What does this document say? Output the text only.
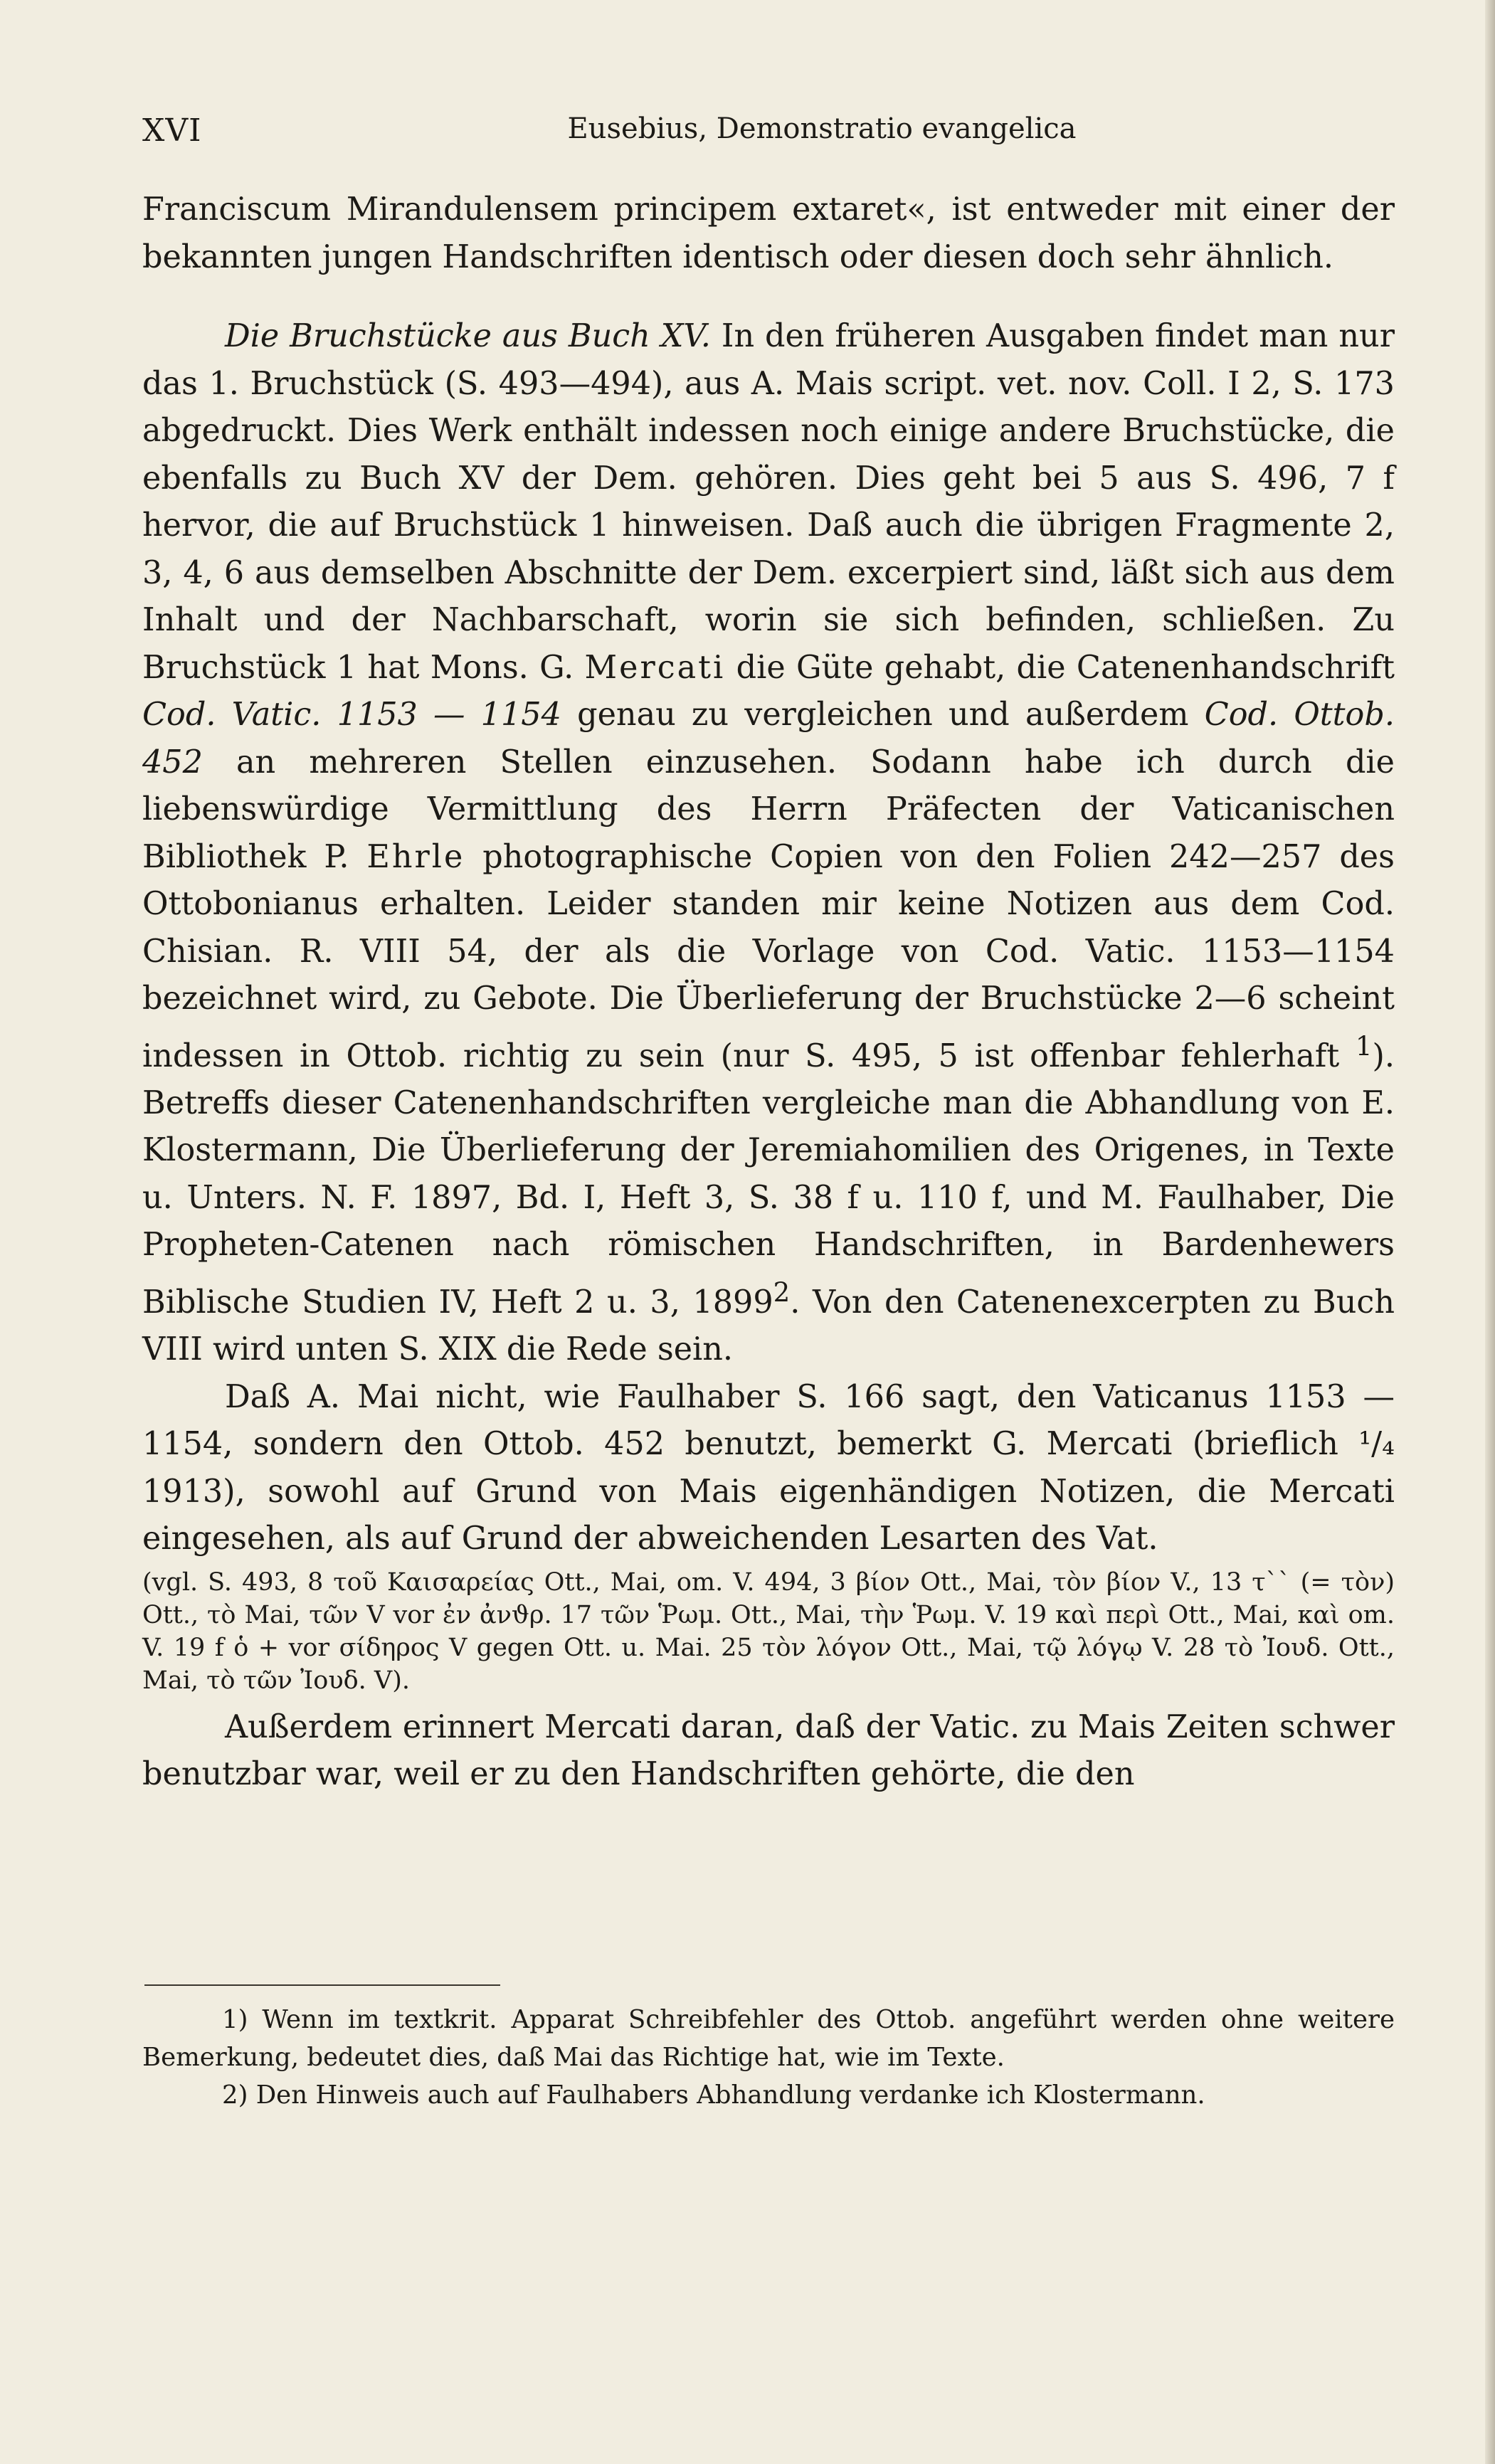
XVI	Eusebius, Demonstratio evangelica

Franciscum Mirandulensem principem extaret«, ist entweder mit einer der bekannten jungen Handschriften identisch oder diesen doch sehr ähnlich.

Die Bruchstücke aus Buch XV. In den früheren Ausgaben findet man nur das 1. Bruchstück (S. 493—494), aus A. Mais script. vet. nov. Coll. I 2, S. 173 abgedruckt. Dies Werk enthält indessen noch einige andere Bruchstücke, die ebenfalls zu Buch XV der Dem. gehören. Dies geht bei 5 aus S. 496, 7 f hervor, die auf Bruchstück 1 hinweisen. Daß auch die übrigen Fragmente 2, 3, 4, 6 aus demselben Abschnitte der Dem. excerpiert sind, läßt sich aus dem Inhalt und der Nachbarschaft, worin sie sich befinden, schließen. Zu Bruchstück 1 hat Mons. G. Mercati die Güte gehabt, die Catenenhandschrift Cod. Vatic. 1153 — 1154 genau zu vergleichen und außerdem Cod. Ottob. 452 an mehreren Stellen einzusehen. Sodann habe ich durch die liebenswürdige Vermittlung des Herrn Präfecten der Vaticanischen Bibliothek P. Ehrle photographische Copien von den Folien 242—257 des Ottobonianus erhalten. Leider standen mir keine Notizen aus dem Cod. Chisian. R. VIII 54, der als die Vorlage von Cod. Vatic. 1153—1154 bezeichnet wird, zu Gebote. Die Überlieferung der Bruchstücke 2—6 scheint indessen in Ottob. richtig zu sein (nur S. 495, 5 ist offenbar fehlerhaft $^1$). Betreffs dieser Catenenhandschriften vergleiche man die Abhandlung von E. Klostermann, Die Überlieferung der Jeremiahomilien des Origenes, in Texte u. Unters. N. F. 1897, Bd. I, Heft 3, S. 38 f u. 110 f, und M. Faulhaber, Die Propheten-Catenen nach römischen Handschriften, in Bardenhewers Biblische Studien IV, Heft 2 u. 3, 1899$^2$. Von den Catenenexcerpten zu Buch VIII wird unten S. XIX die Rede sein.

Daß A. Mai nicht, wie Faulhaber S. 166 sagt, den Vaticanus 1153 — 1154, sondern den Ottob. 452 benutzt, bemerkt G. Mercati (brieflich ¹/₄ 1913), sowohl auf Grund von Mais eigenhändigen Notizen, die Mercati eingesehen, als auf Grund der abweichenden Lesarten des Vat.

(vgl. S. 493, 8 τοῦ Καισαρείας Ott., Mai, om. V. 494, 3 βίον Ott., Mai, τὸν βίον V., 13 τ`` (= τὸν) Ott., τὸ Mai, τῶν V vor ἐν ἀνϑρ. 17 τῶν Ῥωμ. Ott., Mai, τὴν Ῥωμ. V. 19 καὶ περὶ Ott., Mai, καὶ om. V. 19 f ὁ + vor σίδηρος V gegen Ott. u. Mai. 25 τὸν λόγον Ott., Mai, τῷ λόγῳ V. 28 τὸ Ἰουδ. Ott., Mai, τὸ τῶν Ἰουδ. V).

Außerdem erinnert Mercati daran, daß der Vatic. zu Mais Zeiten schwer benutzbar war, weil er zu den Handschriften gehörte, die den

1) Wenn im textkrit. Apparat Schreibfehler des Ottob. angeführt werden ohne weitere Bemerkung, bedeutet dies, daß Mai das Richtige hat, wie im Texte.

2) Den Hinweis auch auf Faulhabers Abhandlung verdanke ich Klostermann.
